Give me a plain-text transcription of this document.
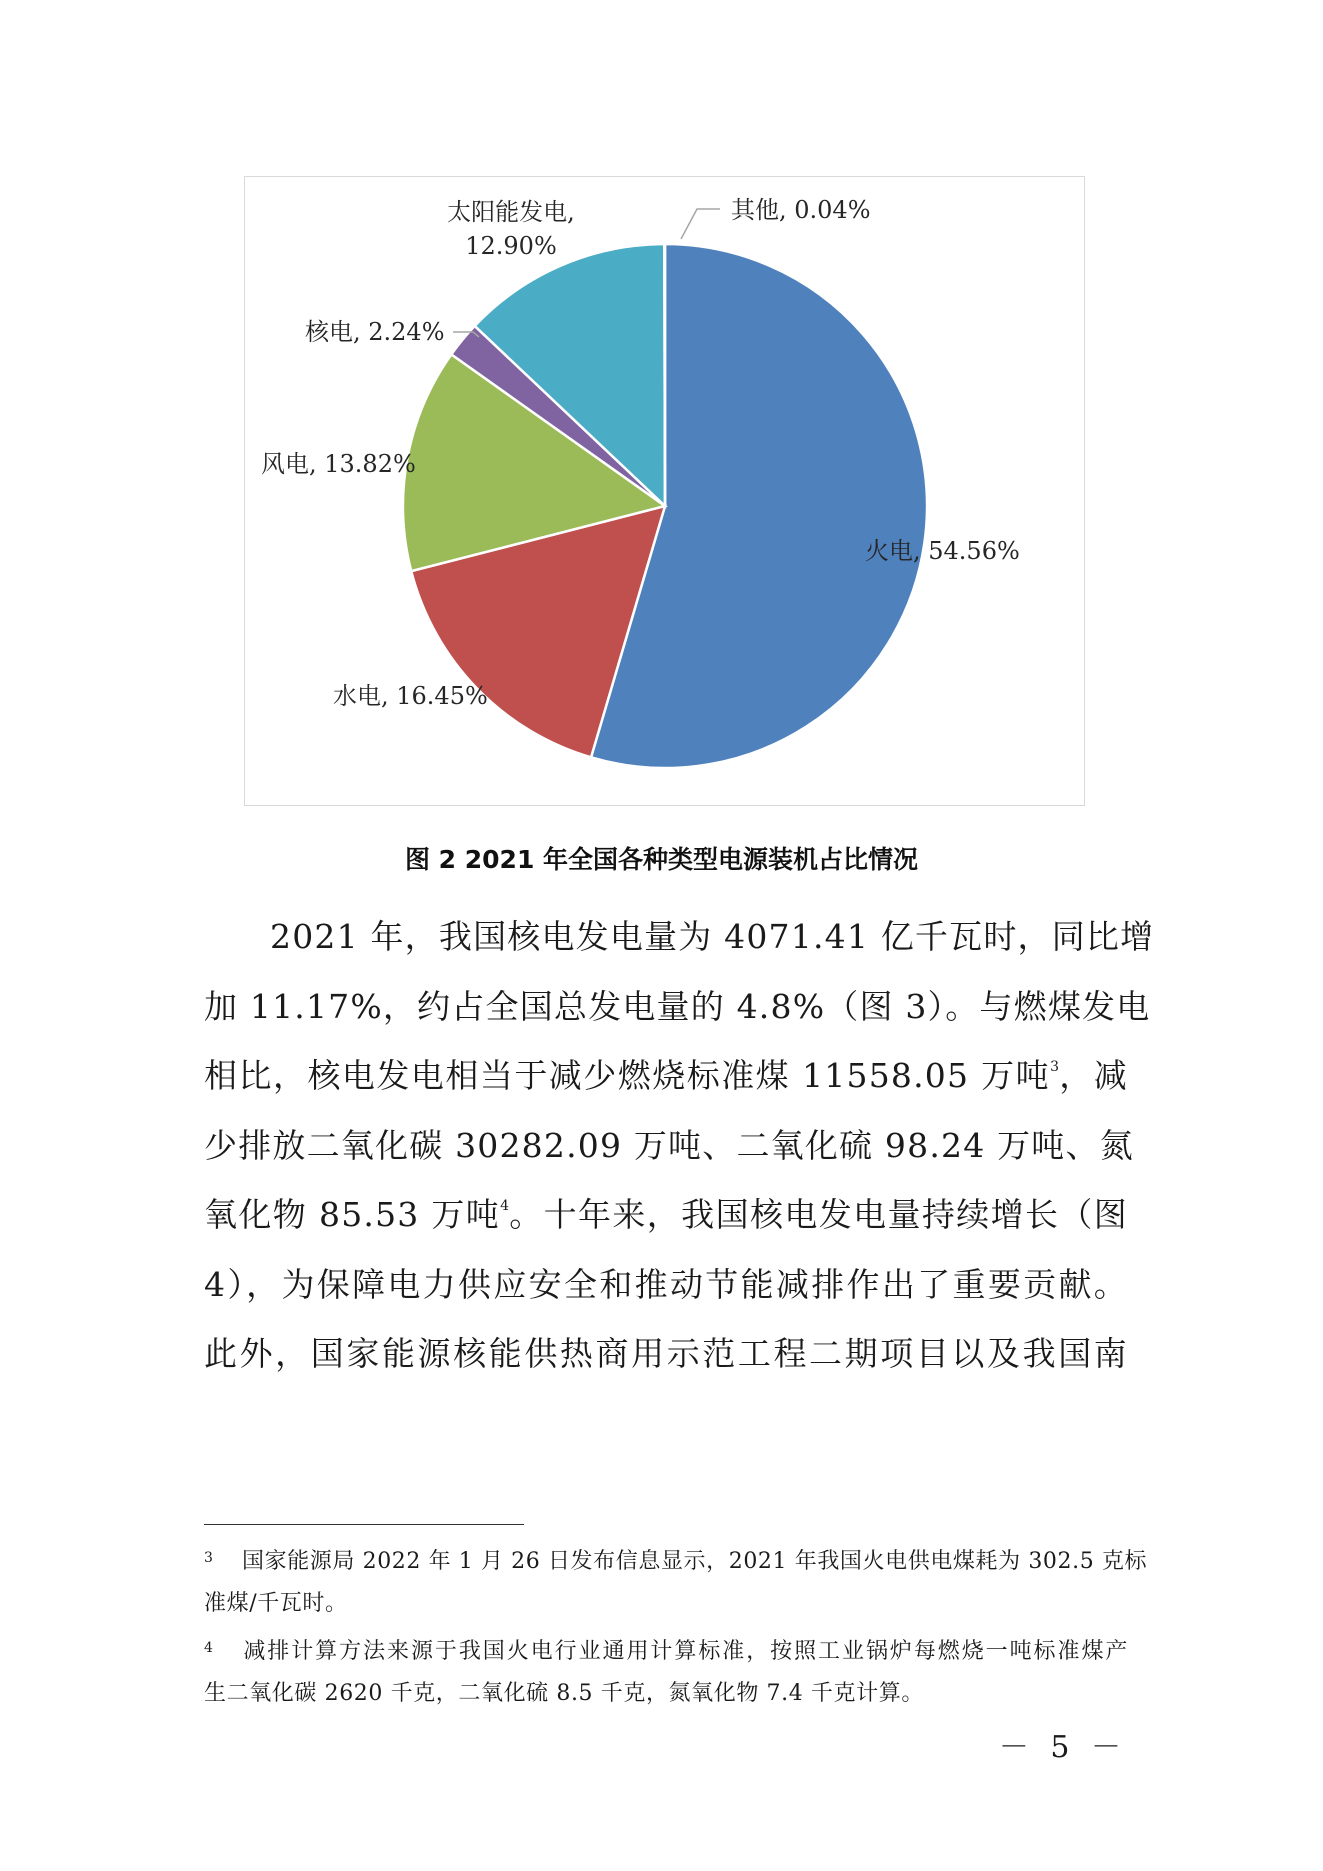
火电, 54.56%
水电, 16.45%
风电, 13.82%
核电, 2.24%
太阳能发电, 12.90%
其他, 0.04%
图 2 2021 年全国各种类型电源装机占比情况
2021 年，我国核电发电量为 4071.41 亿千瓦时，同比增
加 11.17%，约占全国总发电量的 4.8%（图 3）。与燃煤发电
相比，核电发电相当于减少燃烧标准煤 11558.05 万吨$^3$，减
少排放二氧化碳 30282.09 万吨、二氧化硫 98.24 万吨、氮
氧化物 85.53 万吨$^4$。十年来，我国核电发电量持续增长（图
4），为保障电力供应安全和推动节能减排作出了重要贡献。
此外，国家能源核能供热商用示范工程二期项目以及我国南
3 国家能源局 2022 年 1 月 26 日发布信息显示，2021 年我国火电供电煤耗为 302.5 克标
准煤/千瓦时。
4 减排计算方法来源于我国火电行业通用计算标准，按照工业锅炉每燃烧一吨标准煤产
生二氧化碳 2620 千克，二氧化硫 8.5 千克，氮氧化物 7.4 千克计算。
－ 5 －
